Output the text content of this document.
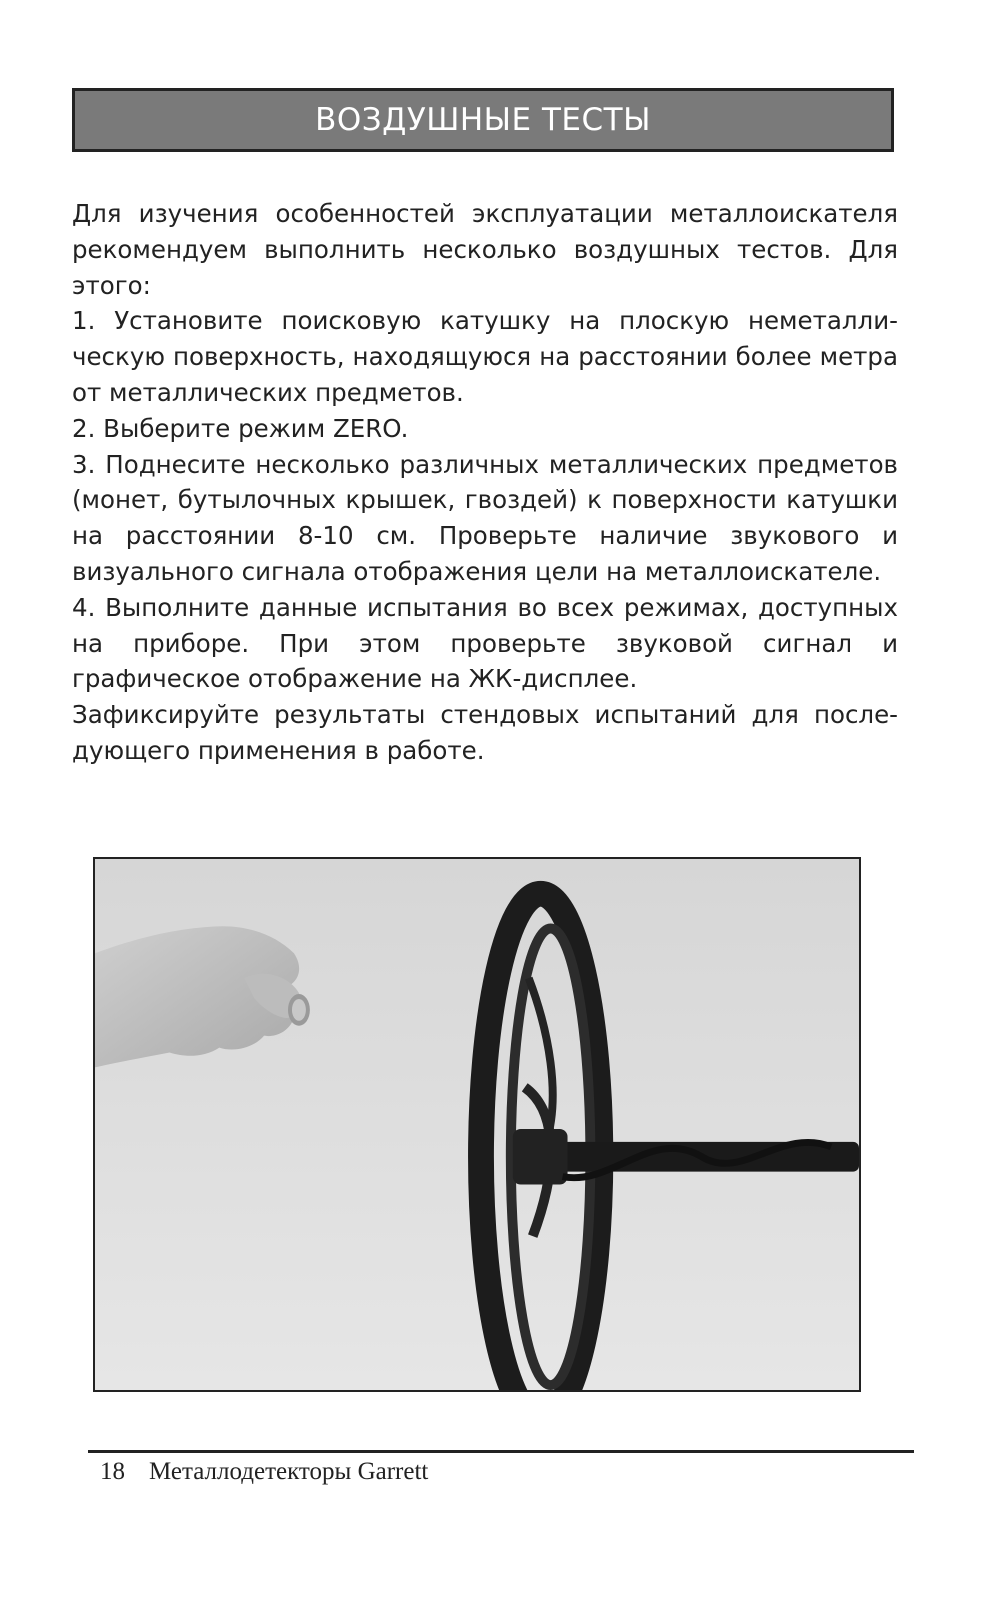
ВОЗДУШНЫЕ ТЕСТЫ

Для изучения особенностей эксплуатации металлоискателя рекомендуем выполнить несколько воздушных тестов. Для этого:

1. Установите поисковую катушку на плоскую неметаллическую поверхность, находящуюся на расстоянии более метра от металлических предметов.

2. Выберите режим ZERO.

3. Поднесите несколько различных металлических предметов (монет, бутылочных крышек, гвоздей) к поверхности катушки на расстоянии 8-10 см. Проверьте наличие звукового и визуального сигнала отображения цели на металлоискателе.

4. Выполните данные испытания во всех режимах, доступных на приборе. При этом проверьте звуковой сигнал и графическое отображение на ЖК-дисплее.

Зафиксируйте результаты стендовых испытаний для последующего применения в работе.

18 Металлодетекторы Garrett
